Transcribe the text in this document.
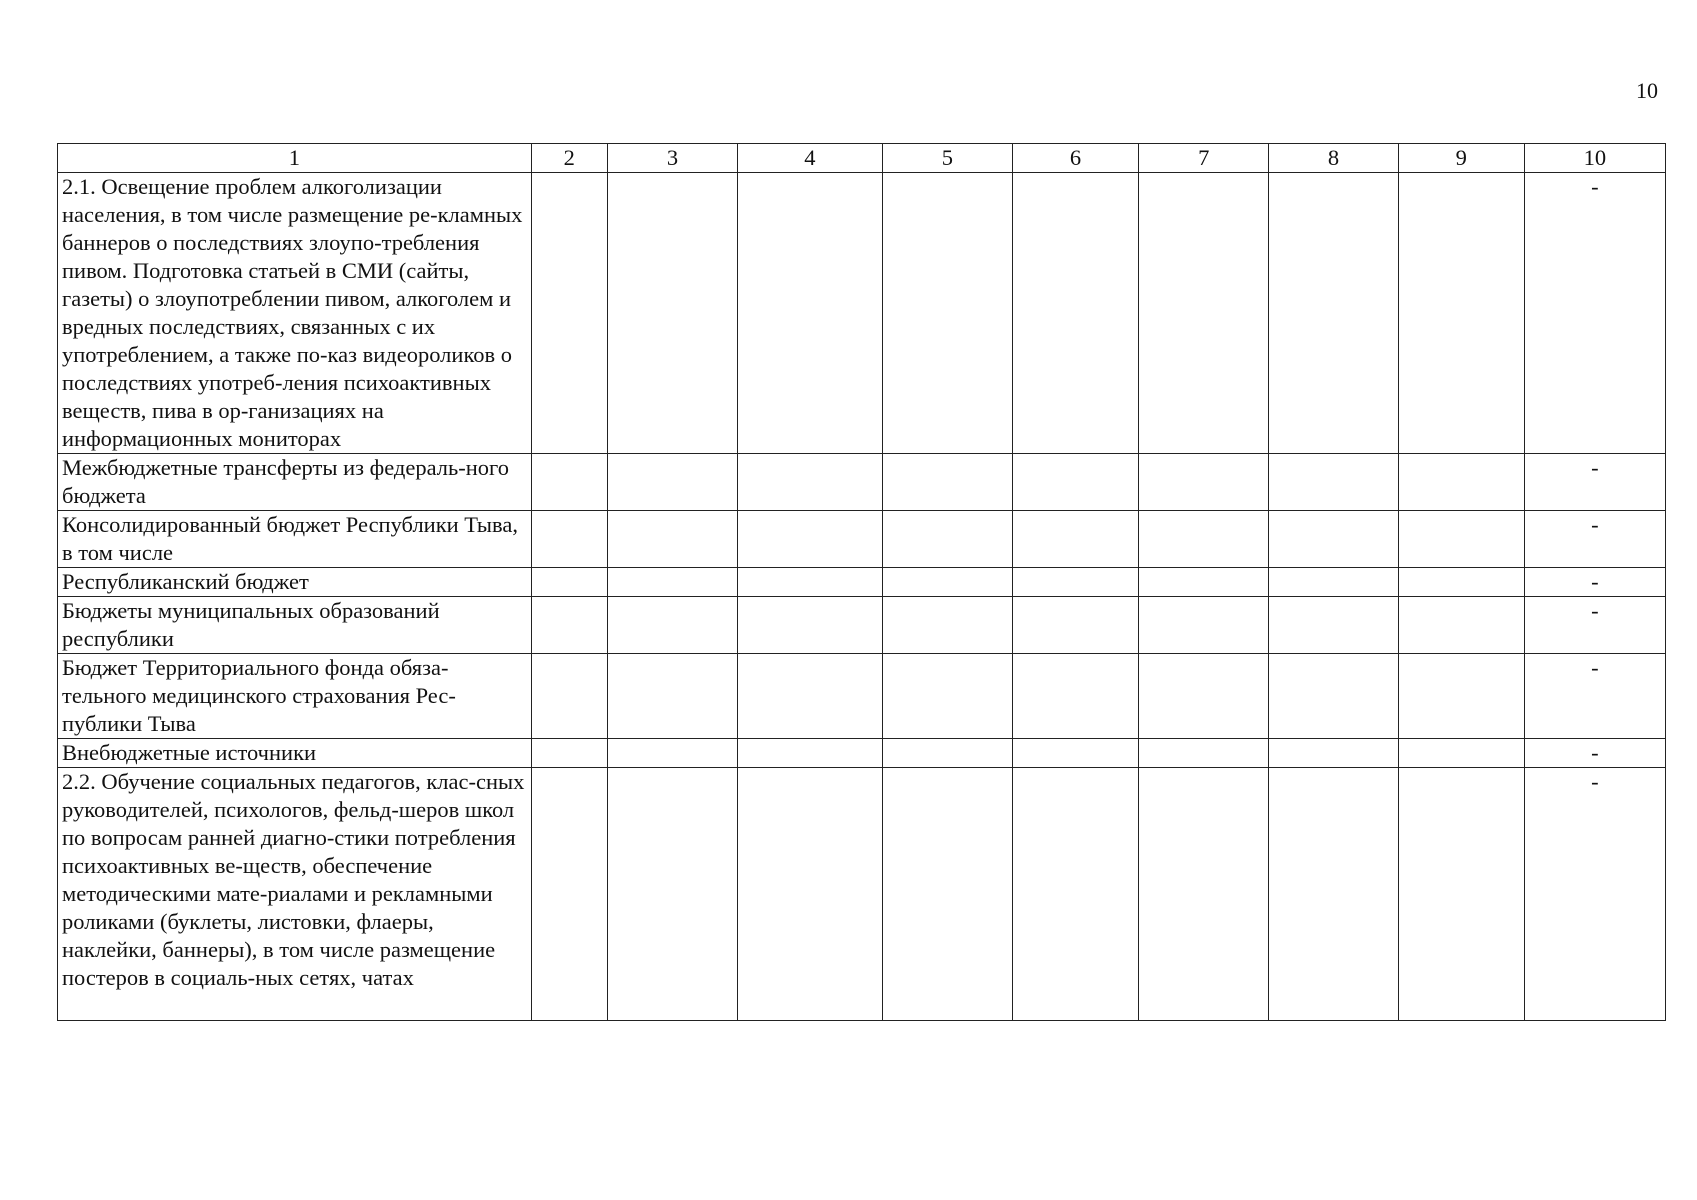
10
1	2	3	4	5	6	7	8	9	10
2.1. Освещение проблем алкоголизации населения, в том числе размещение ре-кламных баннеров о последствиях злоупо-требления пивом. Подготовка статьей в СМИ (сайты, газеты) о злоупотреблении пивом, алкоголем и вредных последствиях, связанных с их употреблением, а также по-каз видеороликов о последствиях употреб-ления психоактивных веществ, пива в ор-ганизациях на информационных мониторах									-
Межбюджетные трансферты из федераль-ного бюджета									-
Консолидированный бюджет Республики Тыва, в том числе									-
Республиканский бюджет									-
Бюджеты муниципальных образований республики									-
Бюджет Территориального фонда обяза-тельного медицинского страхования Рес-публики Тыва									-
Внебюджетные источники									-
2.2. Обучение социальных педагогов, клас-сных руководителей, психологов, фельд-шеров школ по вопросам ранней диагно-стики потребления психоактивных ве-ществ, обеспечение методическими мате-риалами и рекламными роликами (буклеты, листовки, флаеры, наклейки, баннеры), в том числе размещение постеров в социаль-ных сетях, чатах									-
